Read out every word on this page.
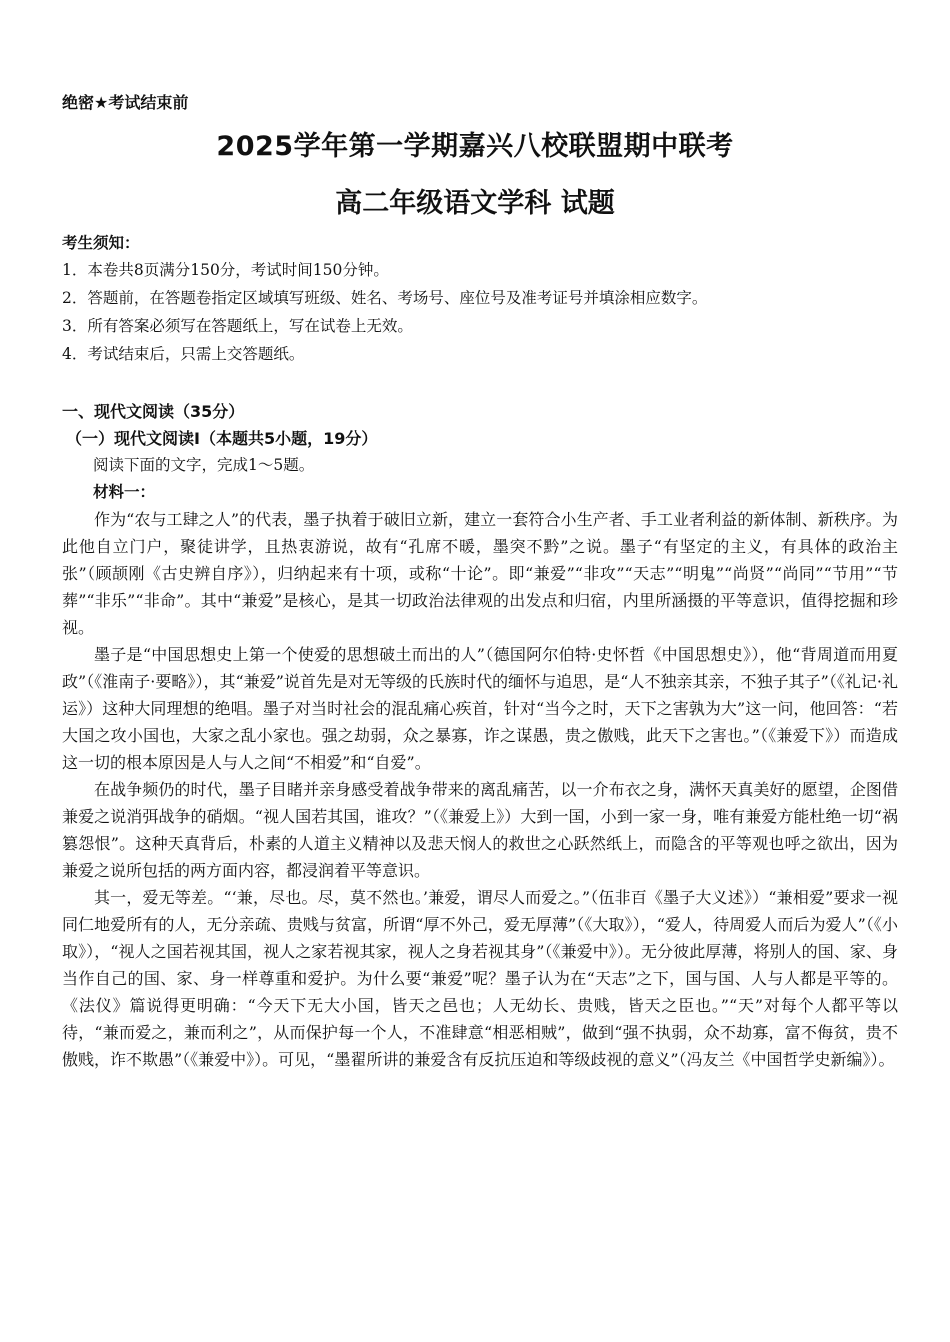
绝密★考试结束前
2025学年第一学期嘉兴八校联盟期中联考
高二年级语文学科 试题
考生须知：
1．本卷共8页满分150分，考试时间150分钟。
2．答题前，在答题卷指定区域填写班级、姓名、考场号、座位号及准考证号并填涂相应数字。
3．所有答案必须写在答题纸上，写在试卷上无效。
4．考试结束后，只需上交答题纸。
一、现代文阅读（35分）
（一）现代文阅读Ⅰ（本题共5小题，19分）
阅读下面的文字，完成1～5题。
材料一：

作为“农与工肆之人”的代表，墨子执着于破旧立新，建立一套符合小生产者、手工业者利益的新体制、新秩序。为此他自立门户，聚徒讲学，且热衷游说，故有“孔席不暖，墨突不黔”之说。墨子“有坚定的主义，有具体的政治主张”（顾颉刚《古史辨自序》），归纳起来有十项，或称“十论”。即“兼爱”“非攻”“天志”“明鬼”“尚贤”“尚同”“节用”“节葬”“非乐”“非命”。其中“兼爱”是核心，是其一切政治法律观的出发点和归宿，内里所涵摄的平等意识，值得挖掘和珍视。

墨子是“中国思想史上第一个使爱的思想破土而出的人”（德国阿尔伯特·史怀哲《中国思想史》），他“背周道而用夏政”（《淮南子·要略》），其“兼爱”说首先是对无等级的氏族时代的缅怀与追思，是“人不独亲其亲，不独子其子”（《礼记·礼运》）这种大同理想的绝唱。墨子对当时社会的混乱痛心疾首，针对“当今之时，天下之害孰为大”这一问，他回答：“若大国之攻小国也，大家之乱小家也。强之劫弱，众之暴寡，诈之谋愚，贵之傲贱，此天下之害也。”（《兼爱下》）而造成这一切的根本原因是人与人之间“不相爱”和“自爱”。

在战争频仍的时代，墨子目睹并亲身感受着战争带来的离乱痛苦，以一介布衣之身，满怀天真美好的愿望，企图借兼爱之说消弭战争的硝烟。“视人国若其国，谁攻？”（《兼爱上》）大到一国，小到一家一身，唯有兼爱方能杜绝一切“祸篡怨恨”。这种天真背后，朴素的人道主义精神以及悲天悯人的救世之心跃然纸上，而隐含的平等观也呼之欲出，因为兼爱之说所包括的两方面内容，都浸润着平等意识。

其一，爱无等差。“‘兼，尽也。尽，莫不然也。’兼爱，谓尽人而爱之。”（伍非百《墨子大义述》）“兼相爱”要求一视同仁地爱所有的人，无分亲疏、贵贱与贫富，所谓“厚不外己，爱无厚薄”（《大取》），“爱人，待周爱人而后为爱人”（《小取》），“视人之国若视其国，视人之家若视其家，视人之身若视其身”（《兼爱中》）。无分彼此厚薄，将别人的国、家、身当作自己的国、家、身一样尊重和爱护。为什么要“兼爱”呢？墨子认为在“天志”之下，国与国、人与人都是平等的。《法仪》篇说得更明确：“今天下无大小国，皆天之邑也；人无幼长、贵贱，皆天之臣也。”“天”对每个人都平等以待，“兼而爱之，兼而利之”，从而保护每一个人，不准肆意“相恶相贼”，做到“强不执弱，众不劫寡，富不侮贫，贵不傲贱，诈不欺愚”（《兼爱中》）。可见，“墨翟所讲的兼爱含有反抗压迫和等级歧视的意义”（冯友兰《中国哲学史新编》）。
